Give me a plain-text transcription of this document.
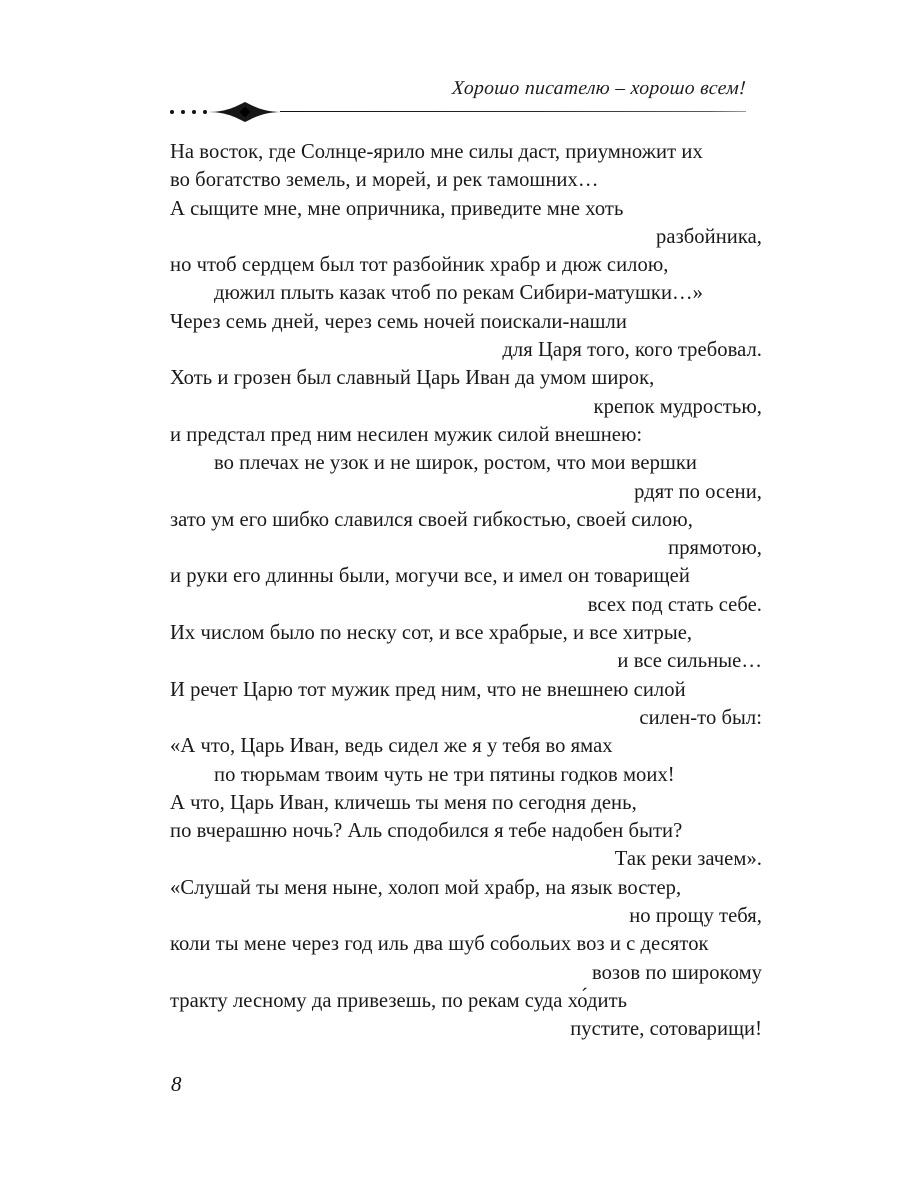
Хорошо писателю – хорошо всем!
На восток, где Солнце-ярило мне силы даст, приумножит их
во богатство земель, и морей, и рек тамошних…
А сыщите мне, мне опричника, приведите мне хоть
разбойника,
но чтоб сердцем был тот разбойник храбр и дюж силою,
дюжил плыть казак чтоб по рекам Сибири-матушки…»
Через семь дней, через семь ночей поискали-нашли
для Царя того, кого требовал.
Хоть и грозен был славный Царь Иван да умом широк,
крепок мудростью,
и предстал пред ним несилен мужик силой внешнею:
во плечах не узок и не широк, ростом, что мои вершки
рдят по осени,
зато ум его шибко славился своей гибкостью, своей силою,
прямотою,
и руки его длинны были, могучи все, и имел он товарищей
всех под стать себе.
Их числом было по неску сот, и все храбрые, и все хитрые,
и все сильные…
И речет Царю тот мужик пред ним, что не внешнею силой
силен-то был:
«А что, Царь Иван, ведь сидел же я у тебя во ямах
по тюрьмам твоим чуть не три пятины годков моих!
А что, Царь Иван, кличешь ты меня по сегодня день,
по вчерашню ночь? Аль сподобился я тебе надобен быти?
Так реки зачем».
«Слушай ты меня ныне, холоп мой храбр, на язык востер,
но прощу тебя,
коли ты мене через год иль два шуб собольих воз и с десяток
возов по широкому
тракту лесному да привезешь, по рекам суда хо́дить
пустите, сотоварищи!
8
